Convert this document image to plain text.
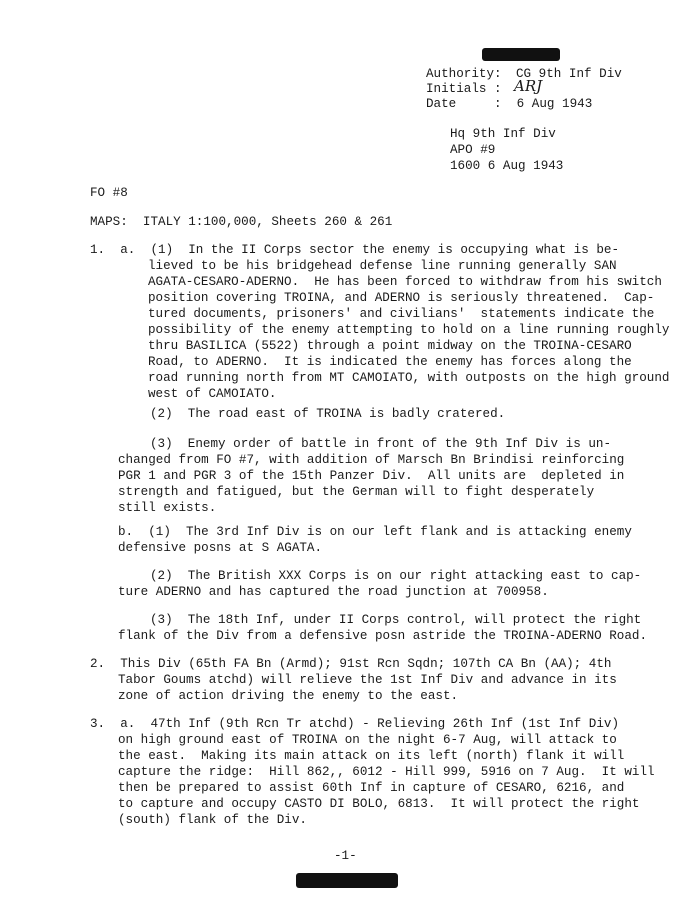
Authority: CG 9th Inf Div
Initials : ARJ
Date	:  6 Aug 1943
Hq 9th Inf Div
APO #9
1600 6 Aug 1943
FO #8
MAPS:  ITALY 1:100,000, Sheets 260 & 261
1.  a.  (1)  In the II Corps sector the enemy is occupying what is be-
lieved to be his bridgehead defense line running generally SAN
AGATA-CESARO-ADERNO.  He has been forced to withdraw from his switch
position covering TROINA, and ADERNO is seriously threatened.  Cap-
tured documents, prisoners' and civilians'  statements indicate the
possibility of the enemy attempting to hold on a line running roughly
thru BASILICA (5522) through a point midway on the TROINA-CESARO
Road, to ADERNO.  It is indicated the enemy has forces along the
road running north from MT CAMOIATO, with outposts on the high ground
west of CAMOIATO.
(2)  The road east of TROINA is badly cratered.
(3)  Enemy order of battle in front of the 9th Inf Div is un-
changed from FO #7, with addition of Marsch Bn Brindisi reinforcing
PGR 1 and PGR 3 of the 15th Panzer Div.  All units are  depleted in
strength and fatigued, but the German will to fight desperately
still exists.
b.  (1)  The 3rd Inf Div is on our left flank and is attacking enemy
defensive posns at S AGATA.
(2)  The British XXX Corps is on our right attacking east to cap-
ture ADERNO and has captured the road junction at 700958.
(3)  The 18th Inf, under II Corps control, will protect the right
flank of the Div from a defensive posn astride the TROINA-ADERNO Road.
2.  This Div (65th FA Bn (Armd); 91st Rcn Sqdn; 107th CA Bn (AA); 4th
Tabor Goums atchd) will relieve the 1st Inf Div and advance in its
zone of action driving the enemy to the east.
3.  a.  47th Inf (9th Rcn Tr atchd) - Relieving 26th Inf (1st Inf Div)
on high ground east of TROINA on the night 6-7 Aug, will attack to
the east.  Making its main attack on its left (north) flank it will
capture the ridge:  Hill 862,, 6012 - Hill 999, 5916 on 7 Aug.  It will
then be prepared to assist 60th Inf in capture of CESARO, 6216, and
to capture and occupy CASTO DI BOLO, 6813.  It will protect the right
(south) flank of the Div.
-1-
